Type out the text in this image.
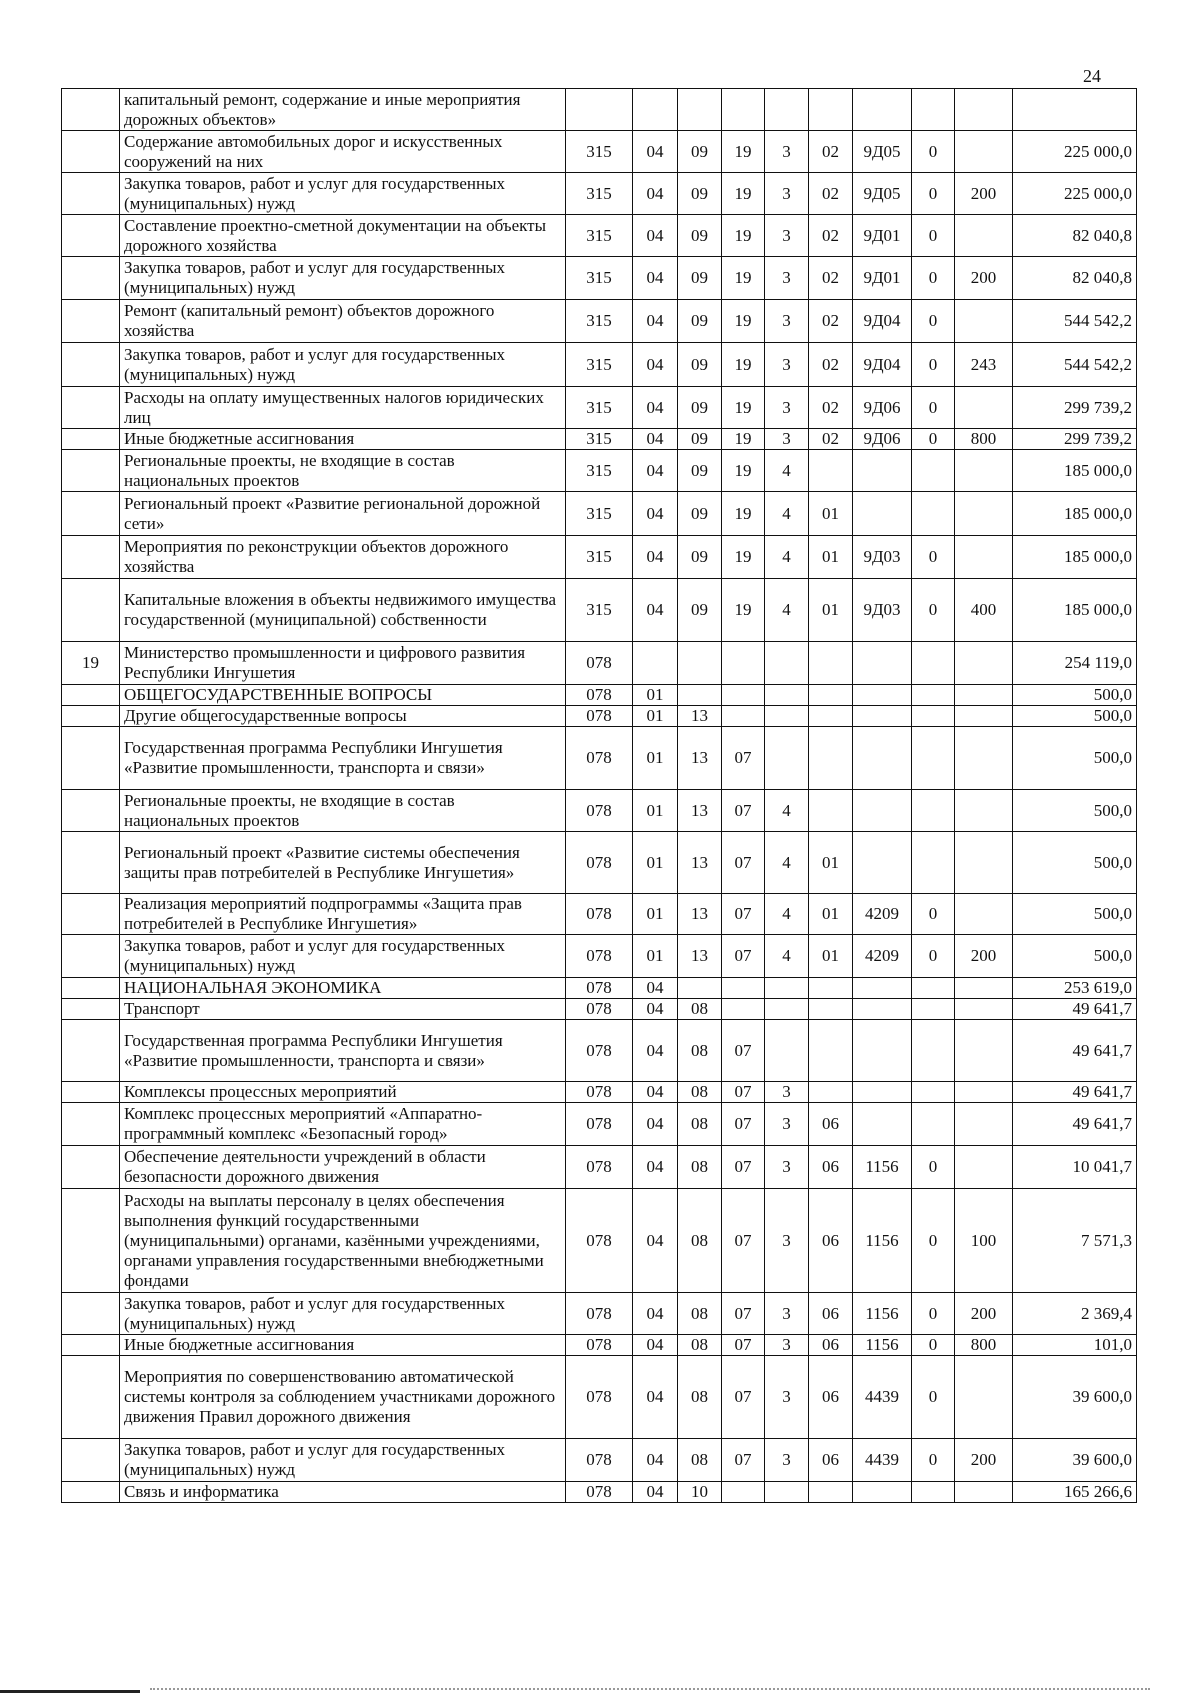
24
	капитальный ремонт, содержание и иные мероприятия дорожных объектов»										
	Содержание автомобильных дорог и искусственных сооружений на них	315	04	09	19	3	02	9Д05	0		225 000,0
	Закупка товаров, работ и услуг для государственных (муниципальных) нужд	315	04	09	19	3	02	9Д05	0	200	225 000,0
	Составление проектно-сметной документации на объекты дорожного хозяйства	315	04	09	19	3	02	9Д01	0		82 040,8
	Закупка товаров, работ и услуг для государственных (муниципальных) нужд	315	04	09	19	3	02	9Д01	0	200	82 040,8
	Ремонт (капитальный ремонт) объектов дорожного хозяйства	315	04	09	19	3	02	9Д04	0		544 542,2
	Закупка товаров, работ и услуг для государственных (муниципальных) нужд	315	04	09	19	3	02	9Д04	0	243	544 542,2
	Расходы на оплату имущественных налогов юридических лиц	315	04	09	19	3	02	9Д06	0		299 739,2
	Иные бюджетные ассигнования	315	04	09	19	3	02	9Д06	0	800	299 739,2
	Региональные проекты, не входящие в состав национальных проектов	315	04	09	19	4					185 000,0
	Региональный проект «Развитие региональной дорожной сети»	315	04	09	19	4	01				185 000,0
	Мероприятия по реконструкции объектов дорожного хозяйства	315	04	09	19	4	01	9Д03	0		185 000,0
	Капитальные вложения в объекты недвижимого имущества государственной (муниципальной) собственности	315	04	09	19	4	01	9Д03	0	400	185 000,0
19	Министерство промышленности и цифрового развития Республики Ингушетия	078									254 119,0
	ОБЩЕГОСУДАРСТВЕННЫЕ ВОПРОСЫ	078	01								500,0
	Другие общегосударственные вопросы	078	01	13							500,0
	Государственная программа Республики Ингушетия «Развитие промышленности, транспорта и связи»	078	01	13	07						500,0
	Региональные проекты, не входящие в состав национальных проектов	078	01	13	07	4					500,0
	Региональный проект «Развитие системы обеспечения защиты прав потребителей в Республике Ингушетия»	078	01	13	07	4	01				500,0
	Реализация мероприятий подпрограммы «Защита прав потребителей в Республике Ингушетия»	078	01	13	07	4	01	4209	0		500,0
	Закупка товаров, работ и услуг для государственных (муниципальных) нужд	078	01	13	07	4	01	4209	0	200	500,0
	НАЦИОНАЛЬНАЯ ЭКОНОМИКА	078	04								253 619,0
	Транспорт	078	04	08							49 641,7
	Государственная программа Республики Ингушетия «Развитие промышленности, транспорта и связи»	078	04	08	07						49 641,7
	Комплексы процессных мероприятий	078	04	08	07	3					49 641,7
	Комплекс процессных мероприятий «Аппаратно-программный комплекс «Безопасный город»	078	04	08	07	3	06				49 641,7
	Обеспечение деятельности учреждений в области безопасности дорожного движения	078	04	08	07	3	06	1156	0		10 041,7
	Расходы на выплаты персоналу в целях обеспечения выполнения функций государственными (муниципальными) органами, казёнными учреждениями, органами управления государственными внебюджетными фондами	078	04	08	07	3	06	1156	0	100	7 571,3
	Закупка товаров, работ и услуг для государственных (муниципальных) нужд	078	04	08	07	3	06	1156	0	200	2 369,4
	Иные бюджетные ассигнования	078	04	08	07	3	06	1156	0	800	101,0
	Мероприятия по совершенствованию автоматической системы контроля за соблюдением участниками дорожного движения Правил дорожного движения	078	04	08	07	3	06	4439	0		39 600,0
	Закупка товаров, работ и услуг для государственных (муниципальных) нужд	078	04	08	07	3	06	4439	0	200	39 600,0
	Связь и информатика	078	04	10							165 266,6
